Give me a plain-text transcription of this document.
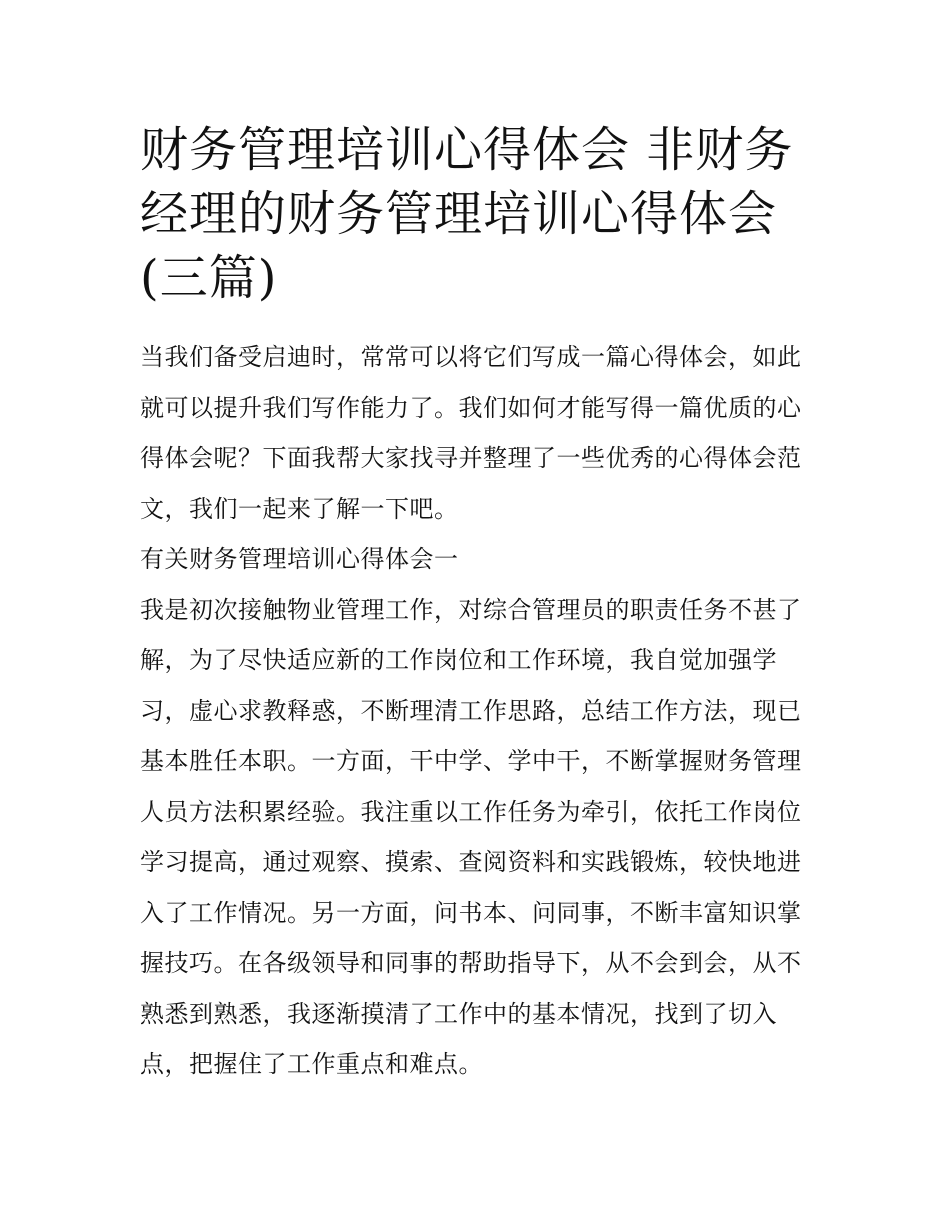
财务管理培训心得体会 非财务
经理的财务管理培训心得体会
(三篇)
当我们备受启迪时，常常可以将它们写成一篇心得体会，如此
就可以提升我们写作能力了。我们如何才能写得一篇优质的心
得体会呢？下面我帮大家找寻并整理了一些优秀的心得体会范
文，我们一起来了解一下吧。
有关财务管理培训心得体会一
我是初次接触物业管理工作，对综合管理员的职责任务不甚了
解，为了尽快适应新的工作岗位和工作环境，我自觉加强学
习，虚心求教释惑，不断理清工作思路，总结工作方法，现已
基本胜任本职。一方面，干中学、学中干，不断掌握财务管理
人员方法积累经验。我注重以工作任务为牵引，依托工作岗位
学习提高，通过观察、摸索、查阅资料和实践锻炼，较快地进
入了工作情况。另一方面，问书本、问同事，不断丰富知识掌
握技巧。在各级领导和同事的帮助指导下，从不会到会，从不
熟悉到熟悉，我逐渐摸清了工作中的基本情况，找到了切入
点，把握住了工作重点和难点。
